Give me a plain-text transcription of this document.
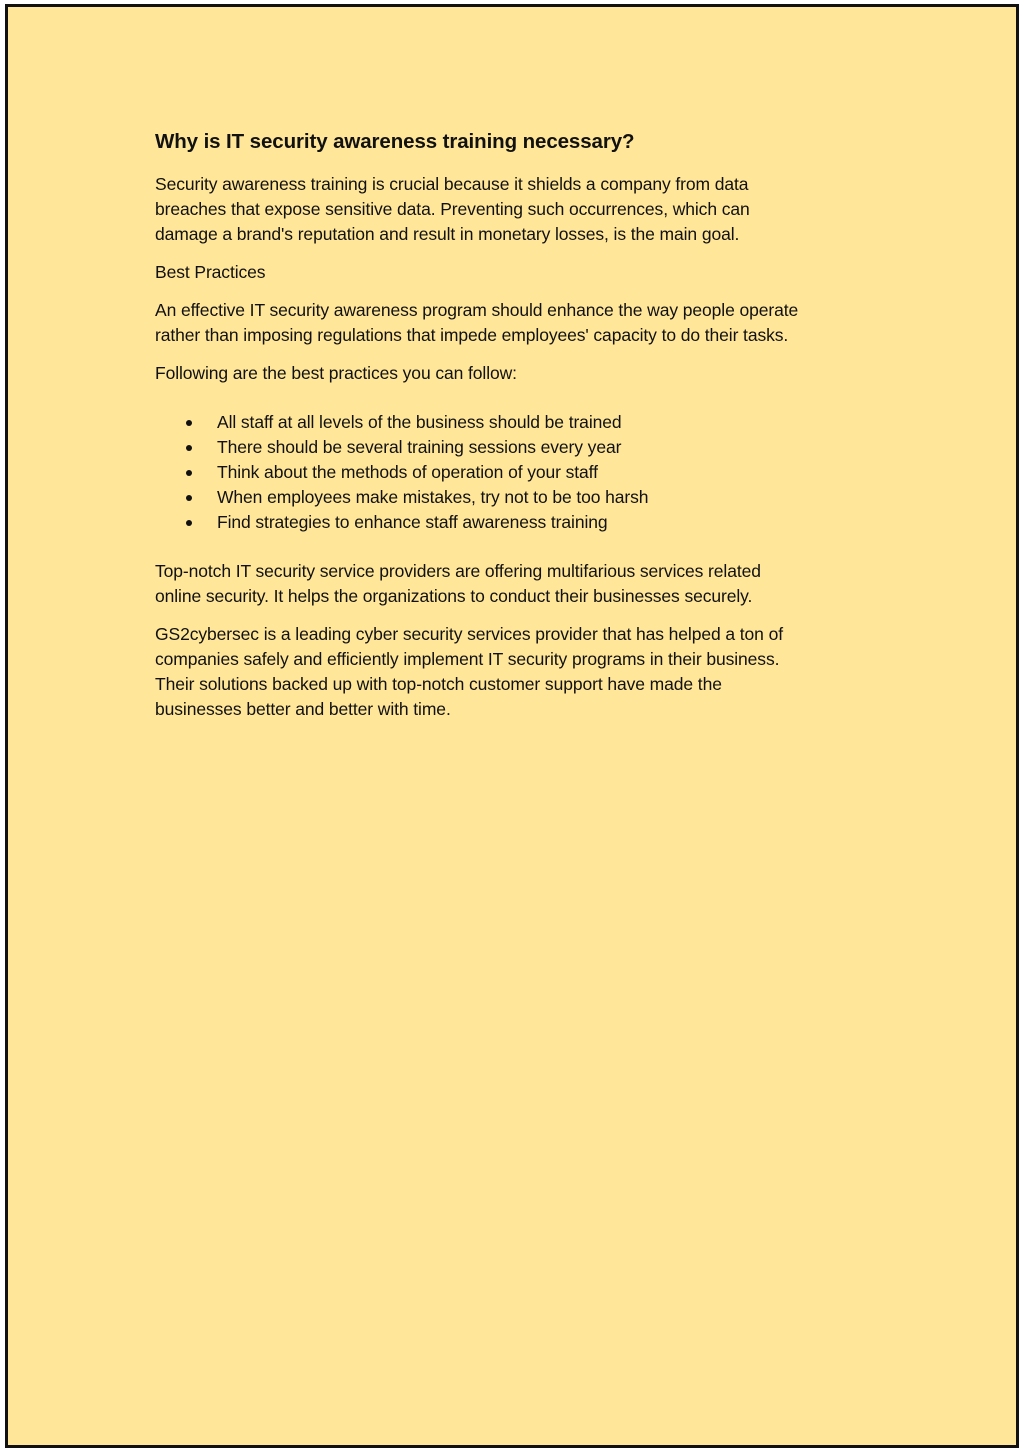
Why is IT security awareness training necessary?

Security awareness training is crucial because it shields a company from data
breaches that expose sensitive data. Preventing such occurrences, which can
damage a brand's reputation and result in monetary losses, is the main goal.

Best Practices

An effective IT security awareness program should enhance the way people operate
rather than imposing regulations that impede employees' capacity to do their tasks.

Following are the best practices you can follow:

All staff at all levels of the business should be trained
There should be several training sessions every year
Think about the methods of operation of your staff
When employees make mistakes, try not to be too harsh
Find strategies to enhance staff awareness training

Top-notch IT security service providers are offering multifarious services related
online security. It helps the organizations to conduct their businesses securely.

GS2cybersec is a leading cyber security services provider that has helped a ton of
companies safely and efficiently implement IT security programs in their business.
Their solutions backed up with top-notch customer support have made the
businesses better and better with time.
